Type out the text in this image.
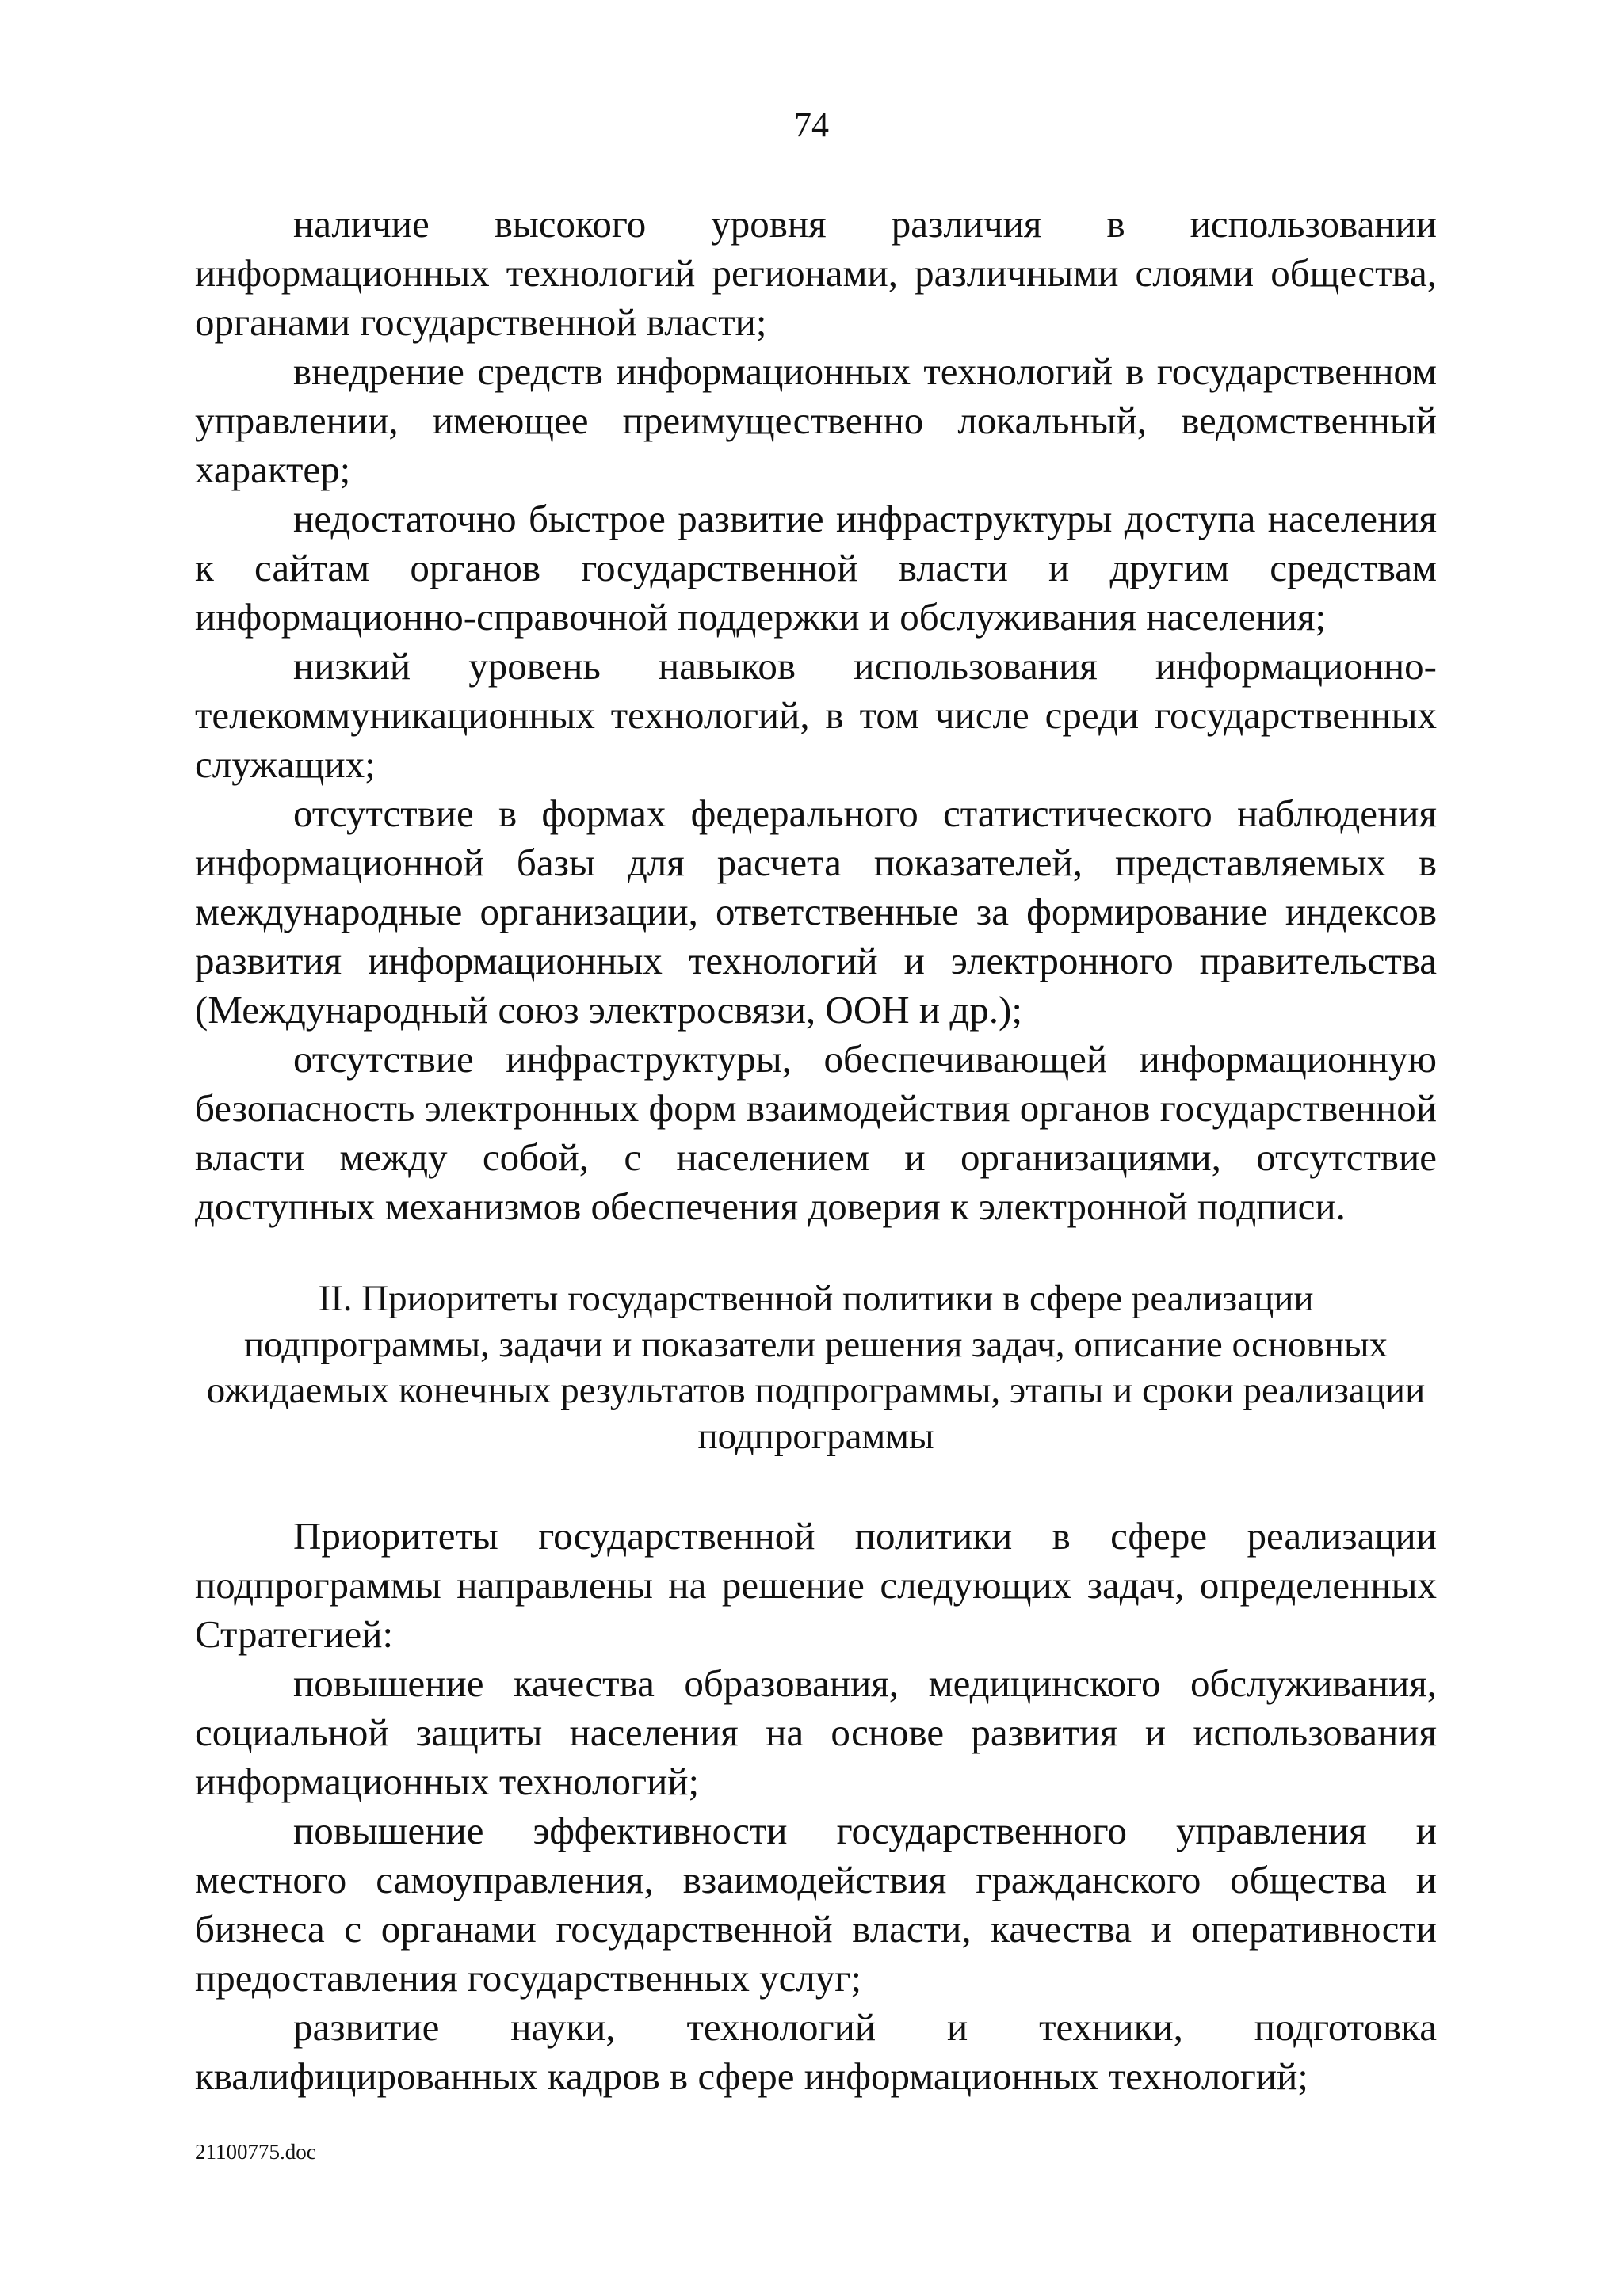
74

наличие высокого уровня различия в использовании информационных технологий регионами, различными слоями общества, органами государственной власти;

внедрение средств информационных технологий в государственном управлении, имеющее преимущественно локальный, ведомственный характер;

недостаточно быстрое развитие инфраструктуры доступа населения к сайтам органов государственной власти и другим средствам информационно-справочной поддержки и обслуживания населения;

низкий уровень навыков использования информационно-телекоммуникационных технологий, в том числе среди государственных служащих;

отсутствие в формах федерального статистического наблюдения информационной базы для расчета показателей, представляемых в международные организации, ответственные за формирование индексов развития информационных технологий и электронного правительства (Международный союз электросвязи, ООН и др.);

отсутствие инфраструктуры, обеспечивающей информационную безопасность электронных форм взаимодействия органов государственной власти между собой, с населением и организациями, отсутствие доступных механизмов обеспечения доверия к электронной подписи.

II. Приоритеты государственной политики в сфере реализации подпрограммы, задачи и показатели решения задач, описание основных ожидаемых конечных результатов подпрограммы, этапы и сроки реализации подпрограммы

Приоритеты государственной политики в сфере реализации подпрограммы направлены на решение следующих задач, определенных Стратегией:

повышение качества образования, медицинского обслуживания, социальной защиты населения на основе развития и использования информационных технологий;

повышение эффективности государственного управления и местного самоуправления, взаимодействия гражданского общества и бизнеса с органами государственной власти, качества и оперативности предоставления государственных услуг;

развитие науки, технологий и техники, подготовка квалифицированных кадров в сфере информационных технологий;

21100775.doc
